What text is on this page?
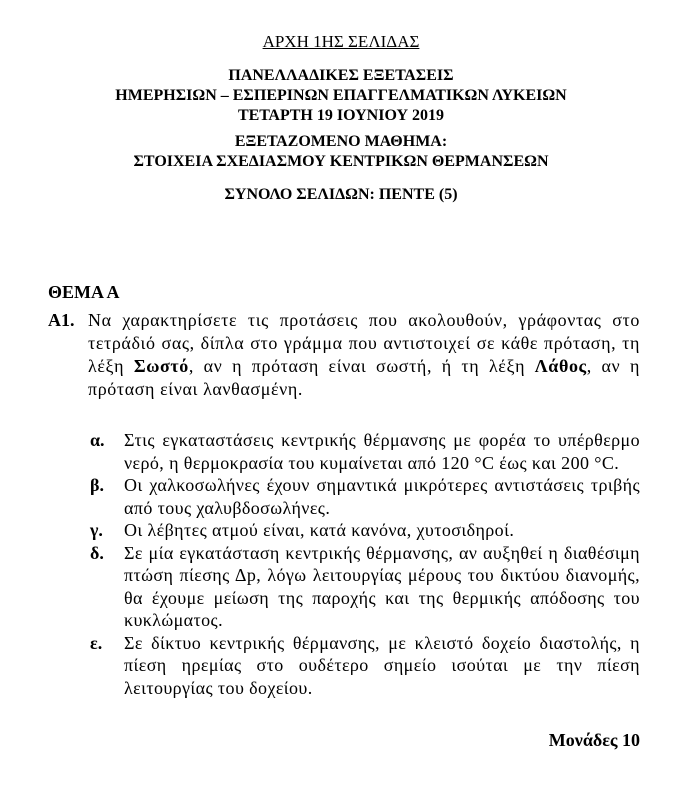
ΑΡΧΗ 1ΗΣ ΣΕΛΙΔΑΣ
ΠΑΝΕΛΛΑΔΙΚΕΣ ΕΞΕΤΑΣΕΙΣ
ΗΜΕΡΗΣΙΩΝ – ΕΣΠΕΡΙΝΩΝ ΕΠΑΓΓΕΛΜΑΤΙΚΩΝ ΛΥΚΕΙΩΝ
ΤΕΤΑΡΤΗ 19 ΙΟΥΝΙΟΥ 2019
ΕΞΕΤΑΖΟΜΕΝΟ ΜΑΘΗΜΑ:
ΣΤΟΙΧΕΙΑ ΣΧΕΔΙΑΣΜΟΥ ΚΕΝΤΡΙΚΩΝ ΘΕΡΜΑΝΣΕΩΝ
ΣΥΝΟΛΟ ΣΕΛΙΔΩΝ: ΠΕΝΤΕ (5)
ΘΕΜΑ Α
Α1. Να χαρακτηρίσετε τις προτάσεις που ακολουθούν, γράφοντας στο τετράδιό σας, δίπλα στο γράμμα που αντιστοιχεί σε κάθε πρόταση, τη λέξη Σωστό, αν η πρόταση είναι σωστή, ή τη λέξη Λάθος, αν η πρόταση είναι λανθασμένη.
α. Στις εγκαταστάσεις κεντρικής θέρμανσης με φορέα το υπέρθερμο νερό, η θερμοκρασία του κυμαίνεται από 120 °C έως και 200 °C.
β. Οι χαλκοσωλήνες έχουν σημαντικά μικρότερες αντιστάσεις τριβής από τους χαλυβδοσωλήνες.
γ. Οι λέβητες ατμού είναι, κατά κανόνα, χυτοσιδηροί.
δ. Σε μία εγκατάσταση κεντρικής θέρμανσης, αν αυξηθεί η διαθέσιμη πτώση πίεσης Δp, λόγω λειτουργίας μέρους του δικτύου διανομής, θα έχουμε μείωση της παροχής και της θερμικής απόδοσης του κυκλώματος.
ε. Σε δίκτυο κεντρικής θέρμανσης, με κλειστό δοχείο διαστολής, η πίεση ηρεμίας στο ουδέτερο σημείο ισούται με την πίεση λειτουργίας του δοχείου.
Μονάδες 10
